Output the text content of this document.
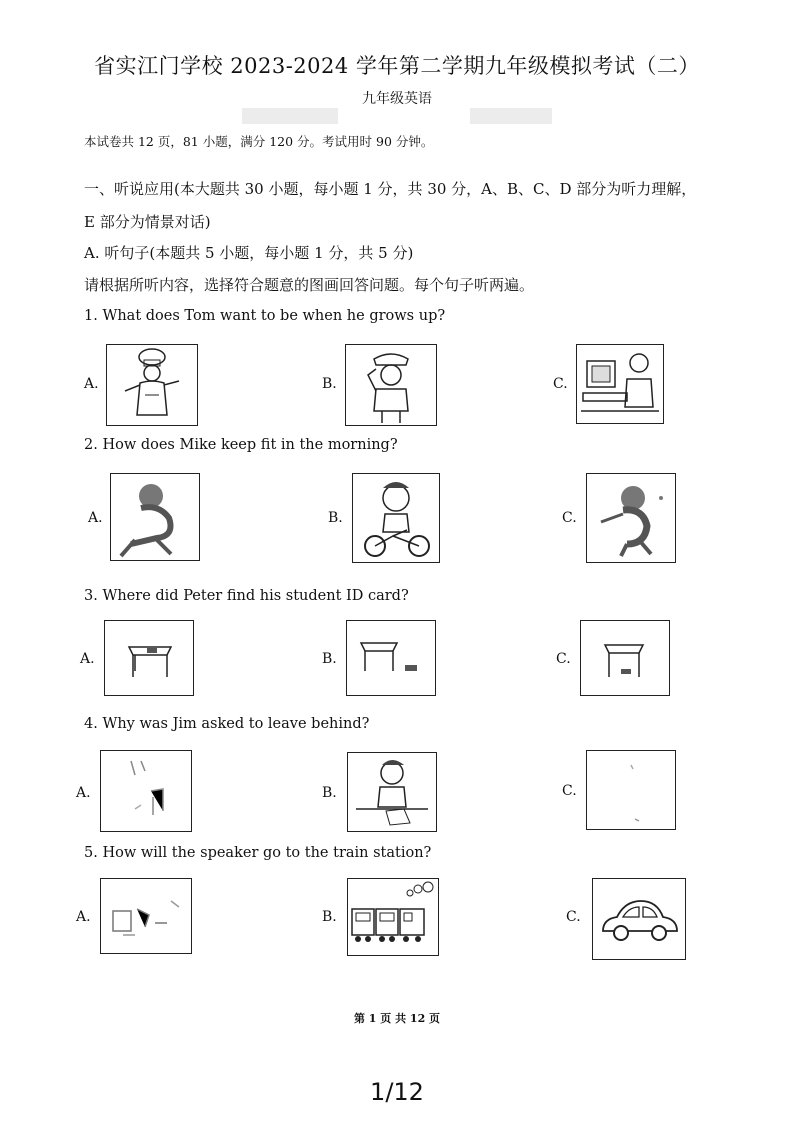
省实江门学校 2023-2024 学年第二学期九年级模拟考试（二）
九年级英语
本试卷共 12 页，81 小题，满分 120 分。考试用时 90 分钟。
一、听说应用(本大题共 30 小题，每小题 1 分，共 30 分，A、B、C、D 部分为听力理解，
E 部分为情景对话)
A. 听句子(本题共 5 小题，每小题 1 分，共 5 分)
请根据所听内容，选择符合题意的图画回答问题。每个句子听两遍。
1. What does Tom want to be when he grows up?
A.	B.	C.
2. How does Mike keep fit in the morning?
A.	B.	C.
3. Where did Peter find his student ID card?
A.	B.	C.
4. Why was Jim asked to leave behind?
A.	B.	C.
5. How will the speaker go to the train station?
A.	B.	C.
第 1 页 共 12 页
1/12
